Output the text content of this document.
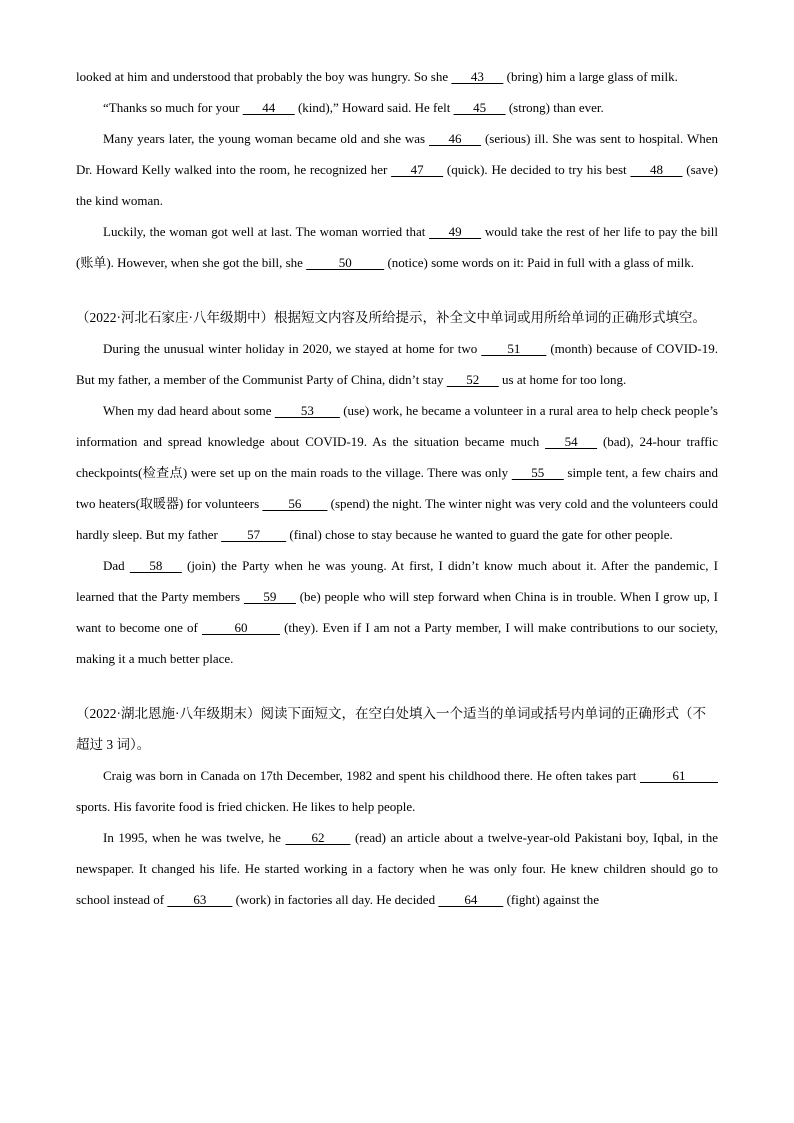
looked at him and understood that probably the boy was hungry. So she    43    (bring) him a large glass of milk.

“Thanks so much for your    44    (kind),” Howard said. He felt    45    (strong) than ever.

Many years later, the young woman became old and she was    46    (serious) ill. She was sent to hospital. When Dr. Howard Kelly walked into the room, he recognized her    47    (quick). He decided to try his best    48    (save) the kind woman.

Luckily, the woman got well at last. The woman worried that    49    would take the rest of her life to pay the bill (账单). However, when she got the bill, she      50      (notice) some words on it: Paid in full with a glass of milk.

（2022·河北石家庄·八年级期中）根据短文内容及所给提示，补全文中单词或用所给单词的正确形式填空。

During the unusual winter holiday in 2020, we stayed at home for two     51     (month) because of COVID-19. But my father, a member of the Communist Party of China, didn’t stay    52    us at home for too long.

When my dad heard about some     53     (use) work, he became a volunteer in a rural area to help check people’s information and spread knowledge about COVID-19. As the situation became much    54    (bad), 24-hour traffic checkpoints(检查点) were set up on the main roads to the village. There was only    55    simple tent, a few chairs and two heaters(取暖器) for volunteers     56     (spend) the night. The winter night was very cold and the volunteers could hardly sleep. But my father     57     (final) chose to stay because he wanted to guard the gate for other people.

Dad    58    (join) the Party when he was young. At first, I didn’t know much about it. After the pandemic, I learned that the Party members    59    (be) people who will step forward when China is in trouble. When I grow up, I want to become one of      60      (they). Even if I am not a Party member, I will make contributions to our society, making it a much better place.

（2022·湖北恩施·八年级期末）阅读下面短文，在空白处填入一个适当的单词或括号内单词的正确形式（不超过 3 词）。

Craig was born in Canada on 17th December, 1982 and spent his childhood there. He often takes part      61      sports. His favorite food is fried chicken. He likes to help people.

In 1995, when he was twelve, he     62     (read) an article about a twelve-year-old Pakistani boy, Iqbal, in the newspaper. It changed his life. He started working in a factory when he was only four. He knew children should go to school instead of     63     (work) in factories all day. He decided     64     (fight) against the
